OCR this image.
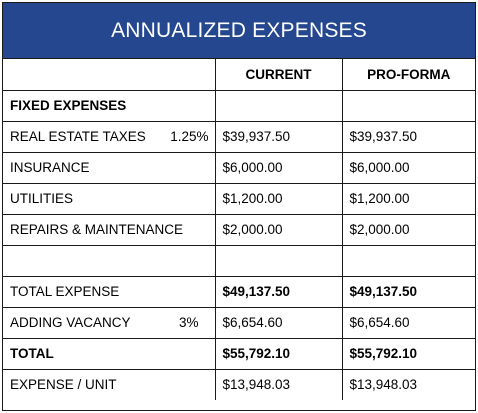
ANNUALIZED EXPENSES
	CURRENT	PRO-FORMA
FIXED EXPENSES		

REAL ESTATE TAXES 1.25%	$39,937.50	$39,937.50
INSURANCE	$6,000.00	$6,000.00
UTILITIES	$1,200.00	$1,200.00
REPAIRS & MAINTENANCE	$2,000.00	$2,000.00

TOTAL EXPENSE	$49,137.50	$49,137.50

ADDING VACANCY 3%	$6,654.60	$6,654.60
TOTAL	$55,792.10	$55,792.10
EXPENSE / UNIT	$13,948.03	$13,948.03
